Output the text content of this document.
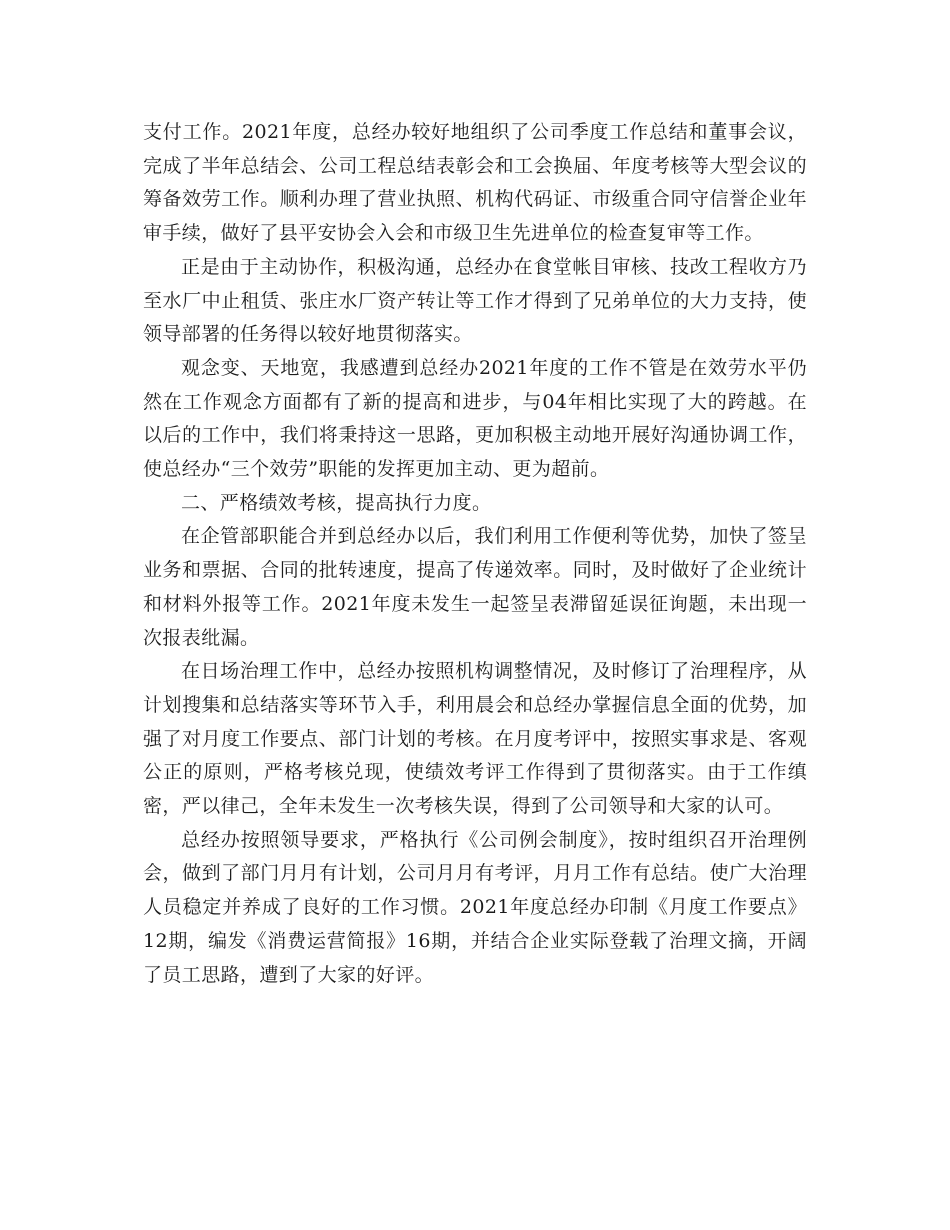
支付工作。2021年度，总经办较好地组织了公司季度工作总结和董事会议，完成了半年总结会、公司工程总结表彰会和工会换届、年度考核等大型会议的筹备效劳工作。顺利办理了营业执照、机构代码证、市级重合同守信誉企业年审手续，做好了县平安协会入会和市级卫生先进单位的检查复审等工作。

正是由于主动协作，积极沟通，总经办在食堂帐目审核、技改工程收方乃至水厂中止租赁、张庄水厂资产转让等工作才得到了兄弟单位的大力支持，使领导部署的任务得以较好地贯彻落实。

观念变、天地宽，我感遭到总经办2021年度的工作不管是在效劳水平仍然在工作观念方面都有了新的提高和进步，与04年相比实现了大的跨越。在以后的工作中，我们将秉持这一思路，更加积极主动地开展好沟通协调工作，使总经办“三个效劳”职能的发挥更加主动、更为超前。

二、严格绩效考核，提高执行力度。

在企管部职能合并到总经办以后，我们利用工作便利等优势，加快了签呈业务和票据、合同的批转速度，提高了传递效率。同时，及时做好了企业统计和材料外报等工作。2021年度未发生一起签呈表滞留延误征询题，未出现一次报表纰漏。

在日场治理工作中，总经办按照机构调整情况，及时修订了治理程序，从计划搜集和总结落实等环节入手，利用晨会和总经办掌握信息全面的优势，加强了对月度工作要点、部门计划的考核。在月度考评中，按照实事求是、客观公正的原则，严格考核兑现，使绩效考评工作得到了贯彻落实。由于工作缜密，严以律己，全年未发生一次考核失误，得到了公司领导和大家的认可。

总经办按照领导要求，严格执行《公司例会制度》，按时组织召开治理例会，做到了部门月月有计划，公司月月有考评，月月工作有总结。使广大治理人员稳定并养成了良好的工作习惯。2021年度总经办印制《月度工作要点》12期，编发《消费运营简报》16期，并结合企业实际登载了治理文摘，开阔了员工思路，遭到了大家的好评。
